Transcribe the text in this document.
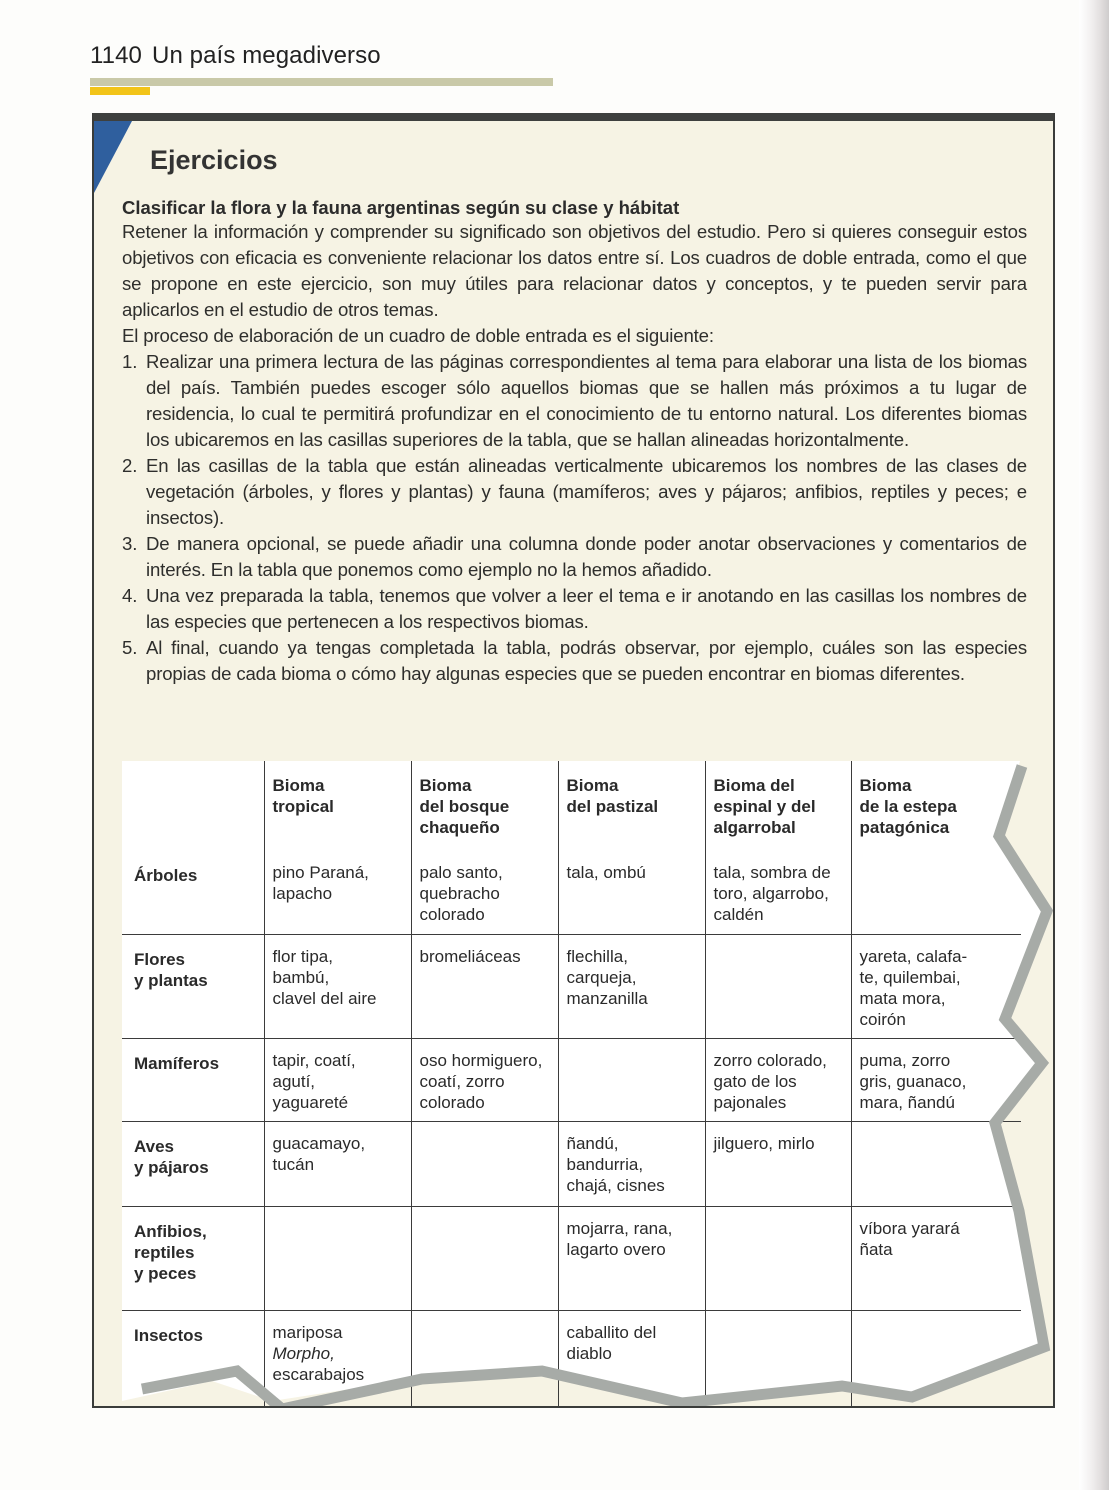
1140 Un país megadiverso
Ejercicios
Clasificar la flora y la fauna argentinas según su clase y hábitat

Retener la información y comprender su significado son objetivos del estudio. Pero si quieres conseguir estos objetivos con eficacia es conveniente relacionar los datos entre sí. Los cuadros de doble entrada, como el que se propone en este ejercicio, son muy útiles para relacionar datos y conceptos, y te pueden servir para aplicarlos en el estudio de otros temas.

El proceso de elaboración de un cuadro de doble entrada es el siguiente:

1. Realizar una primera lectura de las páginas correspondientes al tema para elaborar una lista de los biomas del país. También puedes escoger sólo aquellos biomas que se hallen más próximos a tu lugar de residencia, lo cual te permitirá profundizar en el conocimiento de tu entorno natural. Los diferentes biomas los ubicaremos en las casillas superiores de la tabla, que se hallan alineadas horizontalmente.
2. En las casillas de la tabla que están alineadas verticalmente ubicaremos los nombres de las clases de vegetación (árboles, y flores y plantas) y fauna (mamíferos; aves y pájaros; anfibios, reptiles y peces; e insectos).
3. De manera opcional, se puede añadir una columna donde poder anotar observaciones y comentarios de interés. En la tabla que ponemos como ejemplo no la hemos añadido.
4. Una vez preparada la tabla, tenemos que volver a leer el tema e ir anotando en las casillas los nombres de las especies que pertenecen a los respectivos biomas.
5. Al final, cuando ya tengas completada la tabla, podrás observar, por ejemplo, cuáles son las especies propias de cada bioma o cómo hay algunas especies que se pueden encontrar en biomas diferentes.
	Bioma
tropical	Bioma
del bosque
chaqueño	Bioma
del pastizal	Bioma del
espinal y del
algarrobal	Bioma
de la estepa
patagónica
Árboles	pino Paraná,
lapacho	palo santo,
quebracho
colorado	tala, ombú	tala, sombra de
toro, algarrobo,
caldén	
Flores
y plantas	flor tipa,
bambú,
clavel del aire	bromeliáceas	flechilla,
carqueja,
manzanilla		yareta, calafa-
te, quilembai,
mata mora,
coirón
Mamíferos	tapir, coatí,
agutí,
yaguareté	oso hormiguero,
coatí, zorro
colorado		zorro colorado,
gato de los
pajonales	puma, zorro
gris, guanaco,
mara, ñandú
Aves
y pájaros	guacamayo,
tucán		ñandú,
bandurria,
chajá, cisnes	jilguero, mirlo	
Anfibios,
reptiles
y peces			mojarra, rana,
lagarto overo		víbora yarará
ñata
Insectos	mariposa
Morpho,
escarabajos		caballito del
diablo		
